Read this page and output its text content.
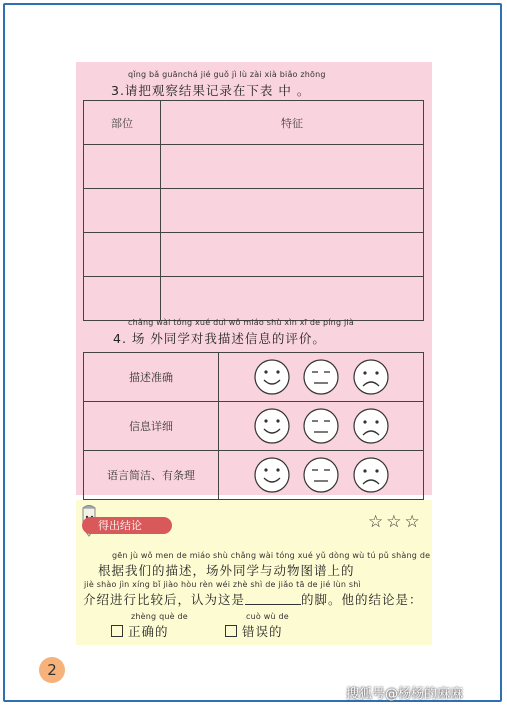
qǐng bǎ guānchá jié guǒ jì lù zài xià biǎo zhōng
3.请把观察结果记录在下表 中 。
部位	特征

chǎng wài tóng xué duì wǒ miáo shù xìn xī de píng jià
4. 场 外同学对我描述信息的评价。
描述准确	
信息详细	
语言简洁、有条理	
得出结论	☆☆☆
gēn jù wǒ men de miáo shù chǎng wài tóng xué yǔ dòng wù tú pǔ shàng de
根据我们的描述，场外同学与动物图谱上的
jiè shào jìn xíng bǐ jiào hòu rèn wéi zhè shì de jiǎo tā de jié lùn shì
介绍进行比较后，认为这是	的脚。他的结论是：
zhèng què de
正确的
cuò wù de
错误的
2
搜狐号@杨杨的麻麻
